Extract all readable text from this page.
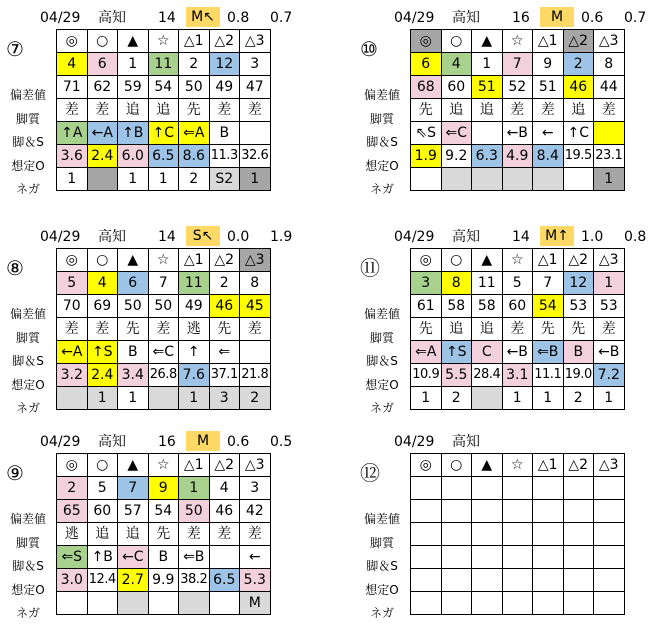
04/29 高知 14	M↖ 0.8 0.7
⑦
偏差値
脚質
脚＆S
想定O
ネガ
◎	○	▲	☆	△1	△2	△3
4	6	1	11	2	12	3
71	62	59	54	50	49	47
差	差	追	追	先	差	差
↑A	←A	↑B	↑C	⇐A	B	
3.6	2.4	6.0	6.5	8.6	11.3	32.6
1		1	1	2	S2	1
04/29 高知 16	M	0.6 0.7
⑩
偏差値
脚質
脚＆S
想定O
ネガ
◎	○	▲	☆	△1	△2	△3
6	4	1	7	9	2	8
68	60	51	52	51	46	44
先	追	追	差	差	追	差
⇖S	⇐C		←B	←	↑C	
1.9	9.2	6.3	4.9	8.4	19.5	23.1
						1
04/29 高知 14	S↖ 0.0 1.9
⑧
偏差値
脚質
脚＆S
想定O
ネガ
◎	○	▲	☆	△1	△2	△3
5	4	6	7	11	2	8
70	69	50	50	49	46	45
差	差	先	差	逃	先	差
←A	↑S	B	⇐C	↑	⇐	
3.2	2.4	3.4	26.8	7.6	37.1	21.8
	1	1		1	3	2
04/29 高知 14	M↑ 1.0 0.8
⑪
偏差値
脚質
脚＆S
想定O
ネガ
◎	○	▲	☆	△1	△2	△3
3	8	11	5	7	12	1
61	58	58	60	54	53	53
先	追	追	差	先	先	差
⇐A	↑S	C	←B	⇐B	B	←B
10.9	5.5	28.4	3.1	11.1	19.0	7.2
1	2		1	1	2	1
04/29 高知 16	M	0.6 0.5
⑨
偏差値
脚質
脚＆S
想定O
ネガ
◎	○	▲	☆	△1	△2	△3
2	5	7	9	1	4	3
65	60	57	54	50	46	42
逃	追	追	先	差	差	差
⇐S	↑B	←C	B	⇐B		←
3.0	12.4	2.7	9.9	38.2	6.5	5.3
						M
04/29 高知
⑫
偏差値
脚質
脚＆S
想定O
ネガ
◎	○	▲	☆	△1	△2	△3
